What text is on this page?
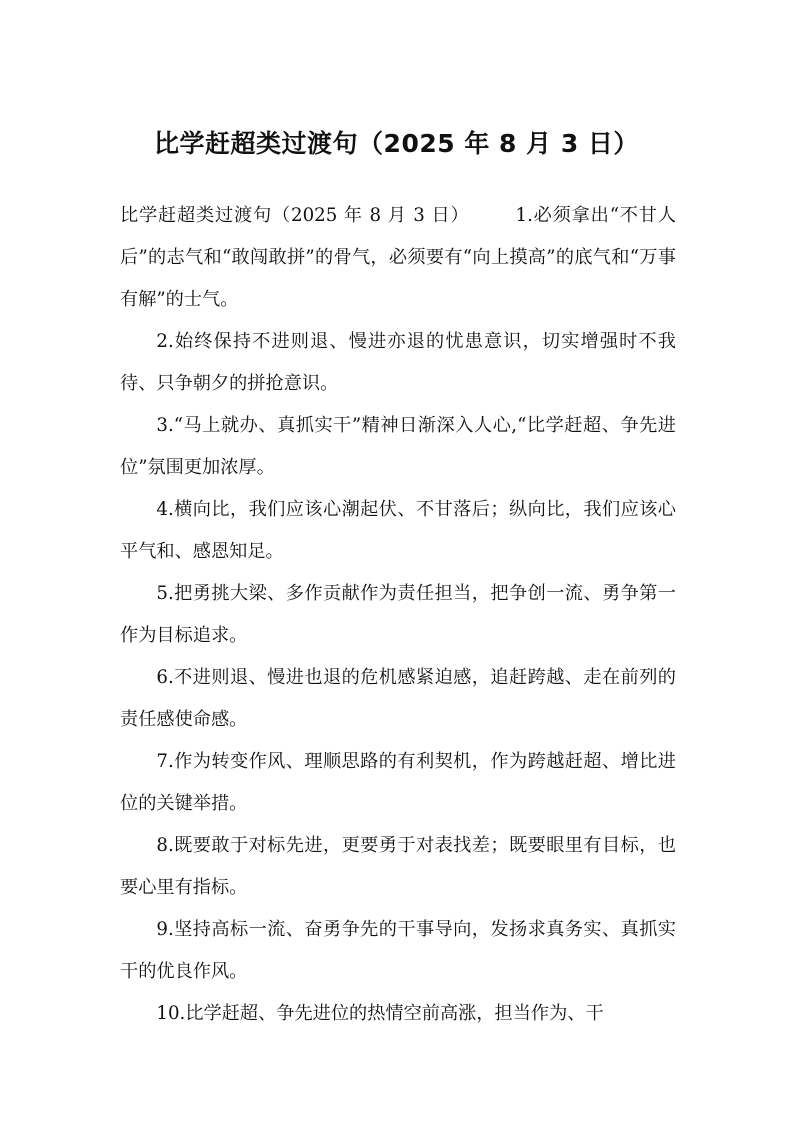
比学赶超类过渡句（2025 年 8 月 3 日）

比学赶超类过渡句（2025 年 8 月 3 日）	1.必须拿出“不甘人后”的志气和“敢闯敢拼”的骨气，必须要有“向上摸高”的底气和“万事有解”的士气。

2.始终保持不进则退、慢进亦退的忧患意识，切实增强时不我待、只争朝夕的拼抢意识。

3.“马上就办、真抓实干”精神日渐深入人心,“比学赶超、争先进位”氛围更加浓厚。

4.横向比，我们应该心潮起伏、不甘落后；纵向比，我们应该心平气和、感恩知足。

5.把勇挑大梁、多作贡献作为责任担当，把争创一流、勇争第一作为目标追求。

6.不进则退、慢进也退的危机感紧迫感，追赶跨越、走在前列的责任感使命感。

7.作为转变作风、理顺思路的有利契机，作为跨越赶超、增比进位的关键举措。

8.既要敢于对标先进，更要勇于对表找差；既要眼里有目标，也要心里有指标。

9.坚持高标一流、奋勇争先的干事导向，发扬求真务实、真抓实干的优良作风。

10.比学赶超、争先进位的热情空前高涨，担当作为、干
